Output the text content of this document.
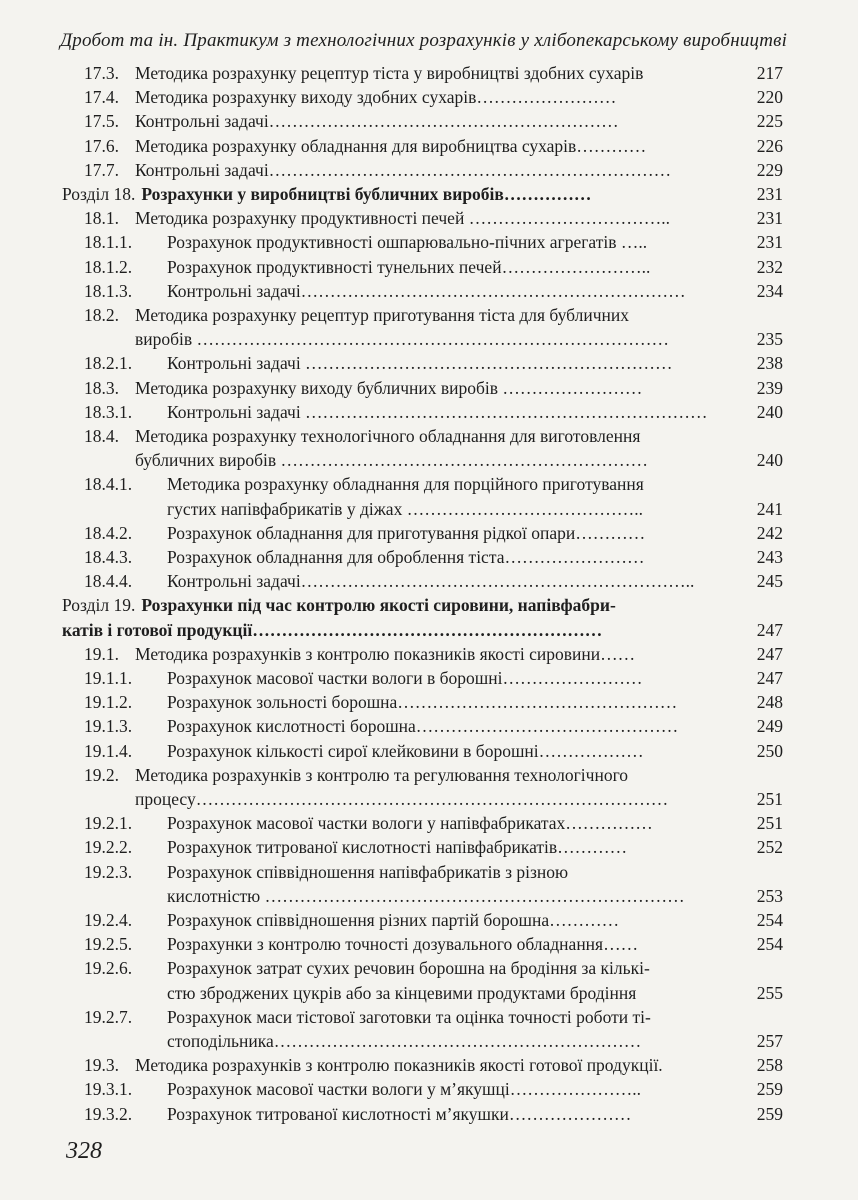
Дробот та ін. Практикум з технологічних розрахунків у хлібопекарському виробництві
17.3. Методика розрахунку рецептур тіста у виробництві здобних сухарів	217
17.4. Методика розрахунку виходу здобних сухарів……………………	220
17.5. Контрольні задачі……………………………………………………	225
17.6. Методика розрахунку обладнання для виробництва сухарів…………	226
17.7. Контрольні задачі……………………………………………………………	229
Розділ 18. Розрахунки у виробництві бубличних виробів……………	231
18.1. Методика розрахунку продуктивності печей ……………………………..	231
18.1.1. Розрахунок продуктивності ошпарювально-пічних агрегатів …..	231
18.1.2. Розрахунок продуктивності тунельних печей……………………..	232
18.1.3. Контрольні задачі…………………………………………………………	234
18.2. Методика розрахунку рецептур приготування тіста для бубличних
виробів ………………………………………………………………………	235
18.2.1. Контрольні задачі ………………………………………………………	238
18.3. Методика розрахунку виходу бубличних виробів ……………………	239
18.3.1. Контрольні задачі ……………………………………………………………	240
18.4. Методика розрахунку технологічного обладнання для виготовлення
бубличних виробів ………………………………………………………	240
18.4.1. Методика розрахунку обладнання для порційного приготування
густих напівфабрикатів у діжах …………………………………..	241
18.4.2. Розрахунок обладнання для приготування рідкої опари…………	242
18.4.3. Розрахунок обладнання для оброблення тіста……………………	243
18.4.4. Контрольні задачі…………………………………………………………..	245
Розділ 19. Розрахунки під час контролю якості сировини, напівфабри-
катів і готової продукції……………………………………………………	247
19.1. Методика розрахунків з контролю показників якості сировини……	247
19.1.1. Розрахунок масової частки вологи в борошні……………………	247
19.1.2. Розрахунок зольності борошна…………………………………………	248
19.1.3. Розрахунок кислотності борошна………………………………………	249
19.1.4. Розрахунок кількості сирої клейковини в борошні………………	250
19.2. Методика розрахунків з контролю та регулювання технологічного
процесу………………………………………………………………………	251
19.2.1. Розрахунок масової частки вологи у напівфабрикатах……………	251
19.2.2. Розрахунок титрованої кислотності напівфабрикатів…………	252
19.2.3. Розрахунок співвідношення напівфабрикатів з різною
кислотністю ………………………………………………………………	253
19.2.4. Розрахунок співвідношення різних партій борошна…………	254
19.2.5. Розрахунки з контролю точності дозувального обладнання……	254
19.2.6. Розрахунок затрат сухих речовин борошна на бродіння за кількі-
стю зброджених цукрів або за кінцевими продуктами бродіння	255
19.2.7. Розрахунок маси тістової заготовки та оцінка точності роботи ті-
стоподільника………………………………………………………	257
19.3. Методика розрахунків з контролю показників якості готової продукції.	258
19.3.1. Розрахунок масової частки вологи у м’якушці…………………..	259
19.3.2. Розрахунок титрованої кислотності м’якушки…………………	259
328
